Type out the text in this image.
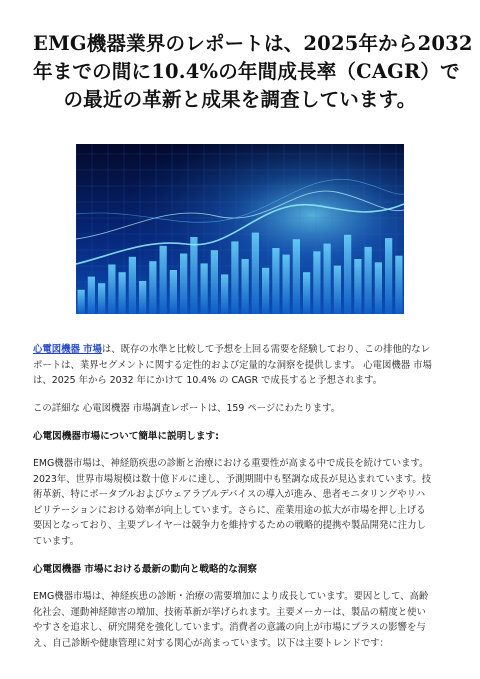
EMG機器業界のレポートは、2025年から2032
年までの間に10.4%の年間成長率（CAGR）で
の最近の革新と成果を調査しています。

心電図機器 市場は、既存の水準と比較して予想を上回る需要を経験しており、この排他的なレ
ポートは、業界セグメントに関する定性的および定量的な洞察を提供します。 心電図機器 市場
は、2025 年から 2032 年にかけて 10.4% の CAGR で成長すると予想されます。

この詳細な 心電図機器 市場調査レポートは、159 ページにわたります。

心電図機器市場について簡単に説明します:

EMG機器市場は、神経筋疾患の診断と治療における重要性が高まる中で成長を続けています。
2023年、世界市場規模は数十億ドルに達し、予測期間中も堅調な成長が見込まれています。技
術革新、特にポータブルおよびウェアラブルデバイスの導入が進み、患者モニタリングやリハ
ビリテーションにおける効率が向上しています。さらに、産業用途の拡大が市場を押し上げる
要因となっており、主要プレイヤーは競争力を維持するための戦略的提携や製品開発に注力し
ています。

心電図機器 市場における最新の動向と戦略的な洞察

EMG機器市場は、神経疾患の診断・治療の需要増加により成長しています。要因として、高齢
化社会、運動神経障害の増加、技術革新が挙げられます。主要メーカーは、製品の精度と使い
やすさを追求し、研究開発を強化しています。消費者の意識の向上が市場にプラスの影響を与
え、自己診断や健康管理に対する関心が高まっています。以下は主要トレンドです：
